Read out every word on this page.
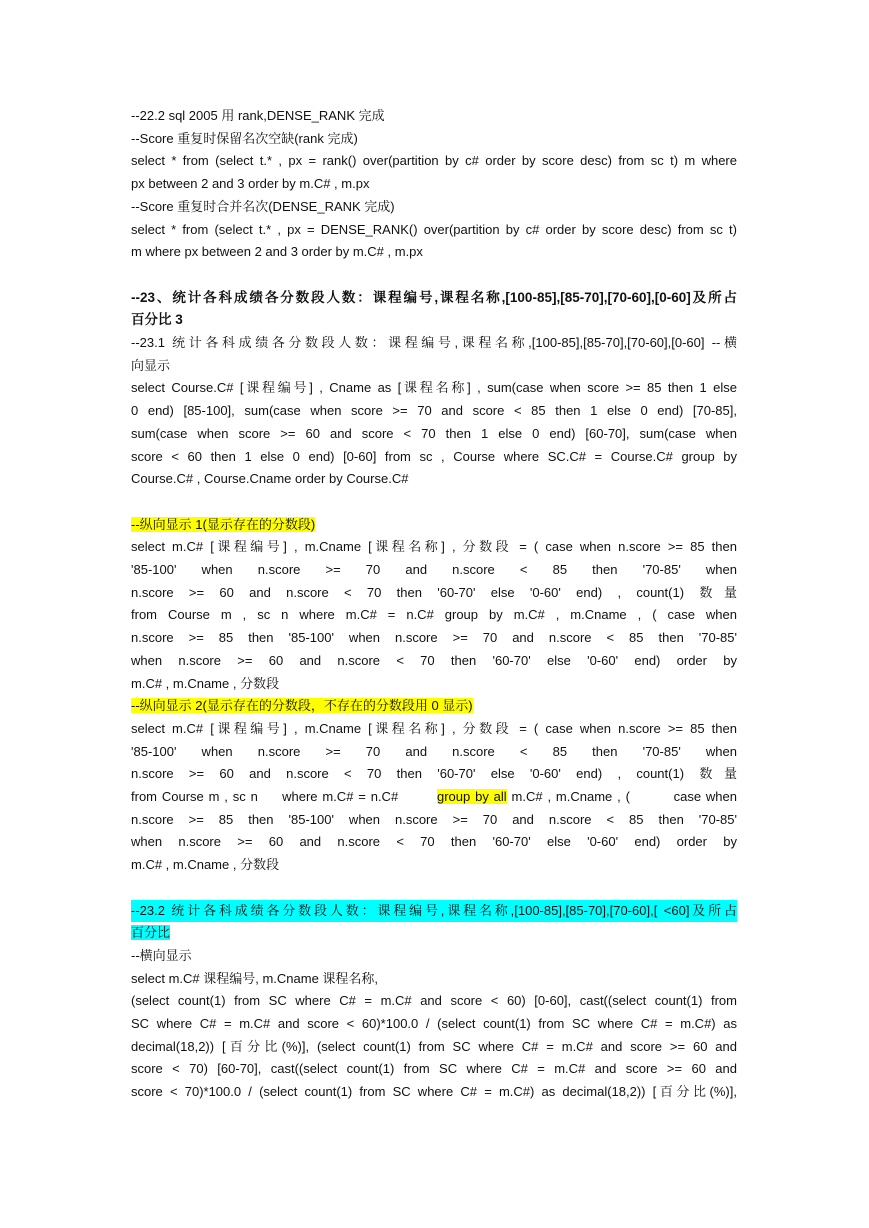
--22.2 sql 2005 用 rank,DENSE_RANK 完成

--Score 重复时保留名次空缺(rank 完成)

select * from (select t.* , px = rank() over(partition by c# order by score desc) from sc t) m where

px between 2 and 3 order by m.C# , m.px

--Score 重复时合并名次(DENSE_RANK 完成)

select * from (select t.* , px = DENSE_RANK() over(partition by c# order by score desc) from sc t)

m where px between 2 and 3 order by m.C# , m.px

--23、统计各科成绩各分数段人数：课程编号,课程名称,[100-85],[85-70],[70-60],[0-60]及所占

百分比 3

--23.1 统计各科成绩各分数段人数：课程编号,课程名称,[100-85],[85-70],[70-60],[0-60] --横

向显示

select Course.C# [课程编号] , Cname as [课程名称] , sum(case when score >= 85 then 1 else

0 end) [85-100], sum(case when score >= 70 and score < 85 then 1 else 0 end) [70-85],

sum(case when score >= 60 and score < 70 then 1 else 0 end) [60-70], sum(case when

score < 60 then 1 else 0 end) [0-60] from sc , Course where SC.C# = Course.C# group by

Course.C# , Course.Cname order by Course.C#

--纵向显示 1(显示存在的分数段)

select m.C# [课程编号] , m.Cname [课程名称] , 分数段 = ( case when n.score >= 85 then

'85-100' when n.score >= 70 and n.score < 85 then '70-85' when

n.score >= 60 and n.score < 70 then '60-70' else '0-60' end) , count(1) 数量

from Course m , sc n where m.C# = n.C# group by m.C# , m.Cname , ( case when

n.score >= 85 then '85-100' when n.score >= 70 and n.score < 85 then '70-85'

when n.score >= 60 and n.score < 70 then '60-70' else '0-60' end) order by

m.C# , m.Cname , 分数段

--纵向显示 2(显示存在的分数段，不存在的分数段用 0 显示)

select m.C# [课程编号] , m.Cname [课程名称] , 分数段 = ( case when n.score >= 85 then

'85-100' when n.score >= 70 and n.score < 85 then '70-85' when

n.score >= 60 and n.score < 70 then '60-70' else '0-60' end) , count(1) 数量

from Course m , sc n     where m.C# = n.C#        group by all m.C# , m.Cname , (         case when

n.score >= 85 then '85-100' when n.score >= 70 and n.score < 85 then '70-85'

when n.score >= 60 and n.score < 70 then '60-70' else '0-60' end) order by

m.C# , m.Cname , 分数段

--23.2 统计各科成绩各分数段人数：课程编号,课程名称,[100-85],[85-70],[70-60],[ <60]及所占

百分比

--横向显示

select m.C# 课程编号, m.Cname 课程名称,

(select count(1) from SC where C# = m.C# and score < 60) [0-60], cast((select count(1) from

SC where C# = m.C# and score < 60)*100.0 / (select count(1) from SC where C# = m.C#) as

decimal(18,2)) [百分比(%)], (select count(1) from SC where C# = m.C# and score >= 60 and

score < 70) [60-70], cast((select count(1) from SC where C# = m.C# and score >= 60 and

score < 70)*100.0 / (select count(1) from SC where C# = m.C#) as decimal(18,2)) [百分比(%)],
